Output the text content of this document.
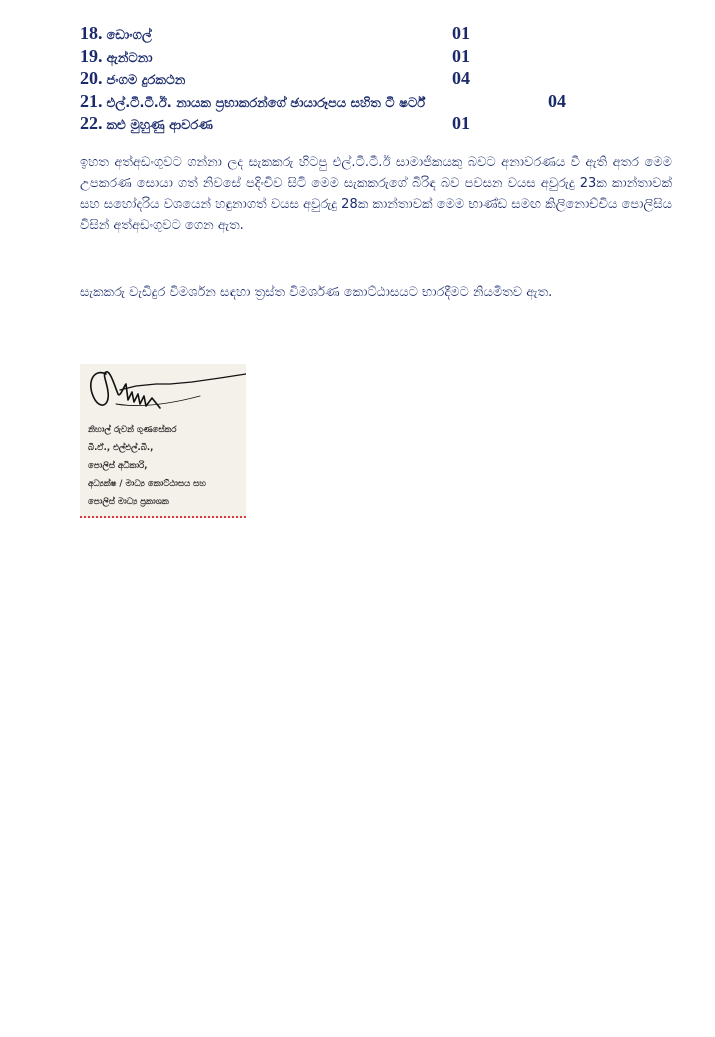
18. ඩොංගල්	01
19. ඇන්ටනා	01
20. ජංගම දුරකථන	04
21. එල්.ටී.ටී.ඊ. නායක ප්‍රභාකරන්ගේ ඡායාරූපය සහිත ටී ෂර්ට්	04
22. කළු මුහුණු ආවරණ	01

ඉහත අත්අඩංගුවට ගන්නා ලද සැකකරු හිටපු එල්.ටී.ටී.ඊ සාමාජිකයකු බවට අනාවරණය වී ඇති අතර මෙම උපකරණ සොයා ගත් නිවසේ පදිංචිව සිටි මෙම සැකකරුගේ බිරිඳ බව පවසන වයස අවුරුදු 23ක කාන්තාවක් සහ සහෝදරිය වශයෙන් හඳුනාගත් වයස අවුරුදු 28ක කාන්තාවක් මෙම භාණ්ඩ සමඟ කිලිනොච්චිය පොලිසිය විසින් අත්අඩංගුවට ගෙන ඇත.

සැකකරු වැඩිදුර විමර්ශන සඳහා ත්‍රස්ත විමර්ශණ කොට්ඨාසයට භාරදීමට නියමිතව ඇත.

නිහාල් රුවන් ගුණසේකර
බී.ඒ., එල්එල්.බී.,
පොලිස් අධිකාරි,
අධ්‍යක්ෂ / මාධ්‍ය කොට්ඨාසය සහ
පොලිස් මාධ්‍ය ප්‍රකාශක
